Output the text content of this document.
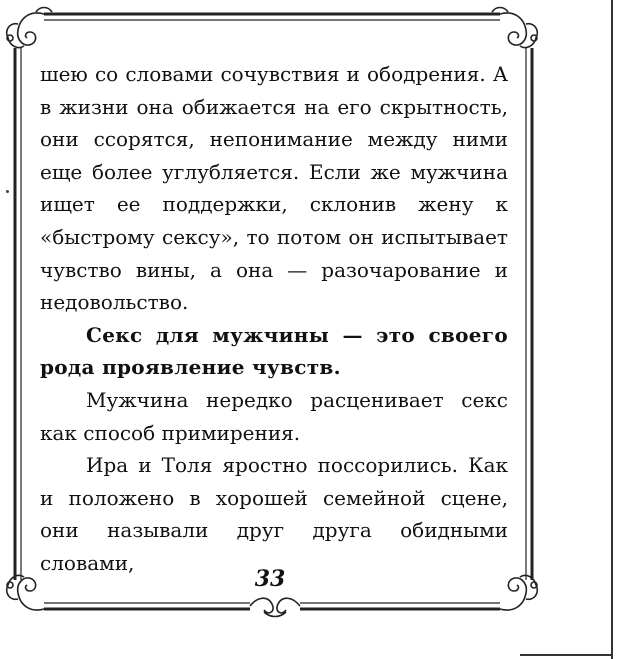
шею со словами сочувствия и ободрения. А в жизни она обижается на его скрытность, они ссорятся, непонимание между ними еще более углубляется. Если же мужчина ищет ее поддержки, склонив жену к «быстрому сексу», то потом он испытывает чувство вины, а она — разочарование и недовольство.

Секс для мужчины — это своего рода проявление чувств.

Мужчина нередко расценивает секс как способ примирения.

Ира и Толя яростно поссорились. Как и положено в хорошей семейной сцене, они называли друг друга обидными словами,

33
